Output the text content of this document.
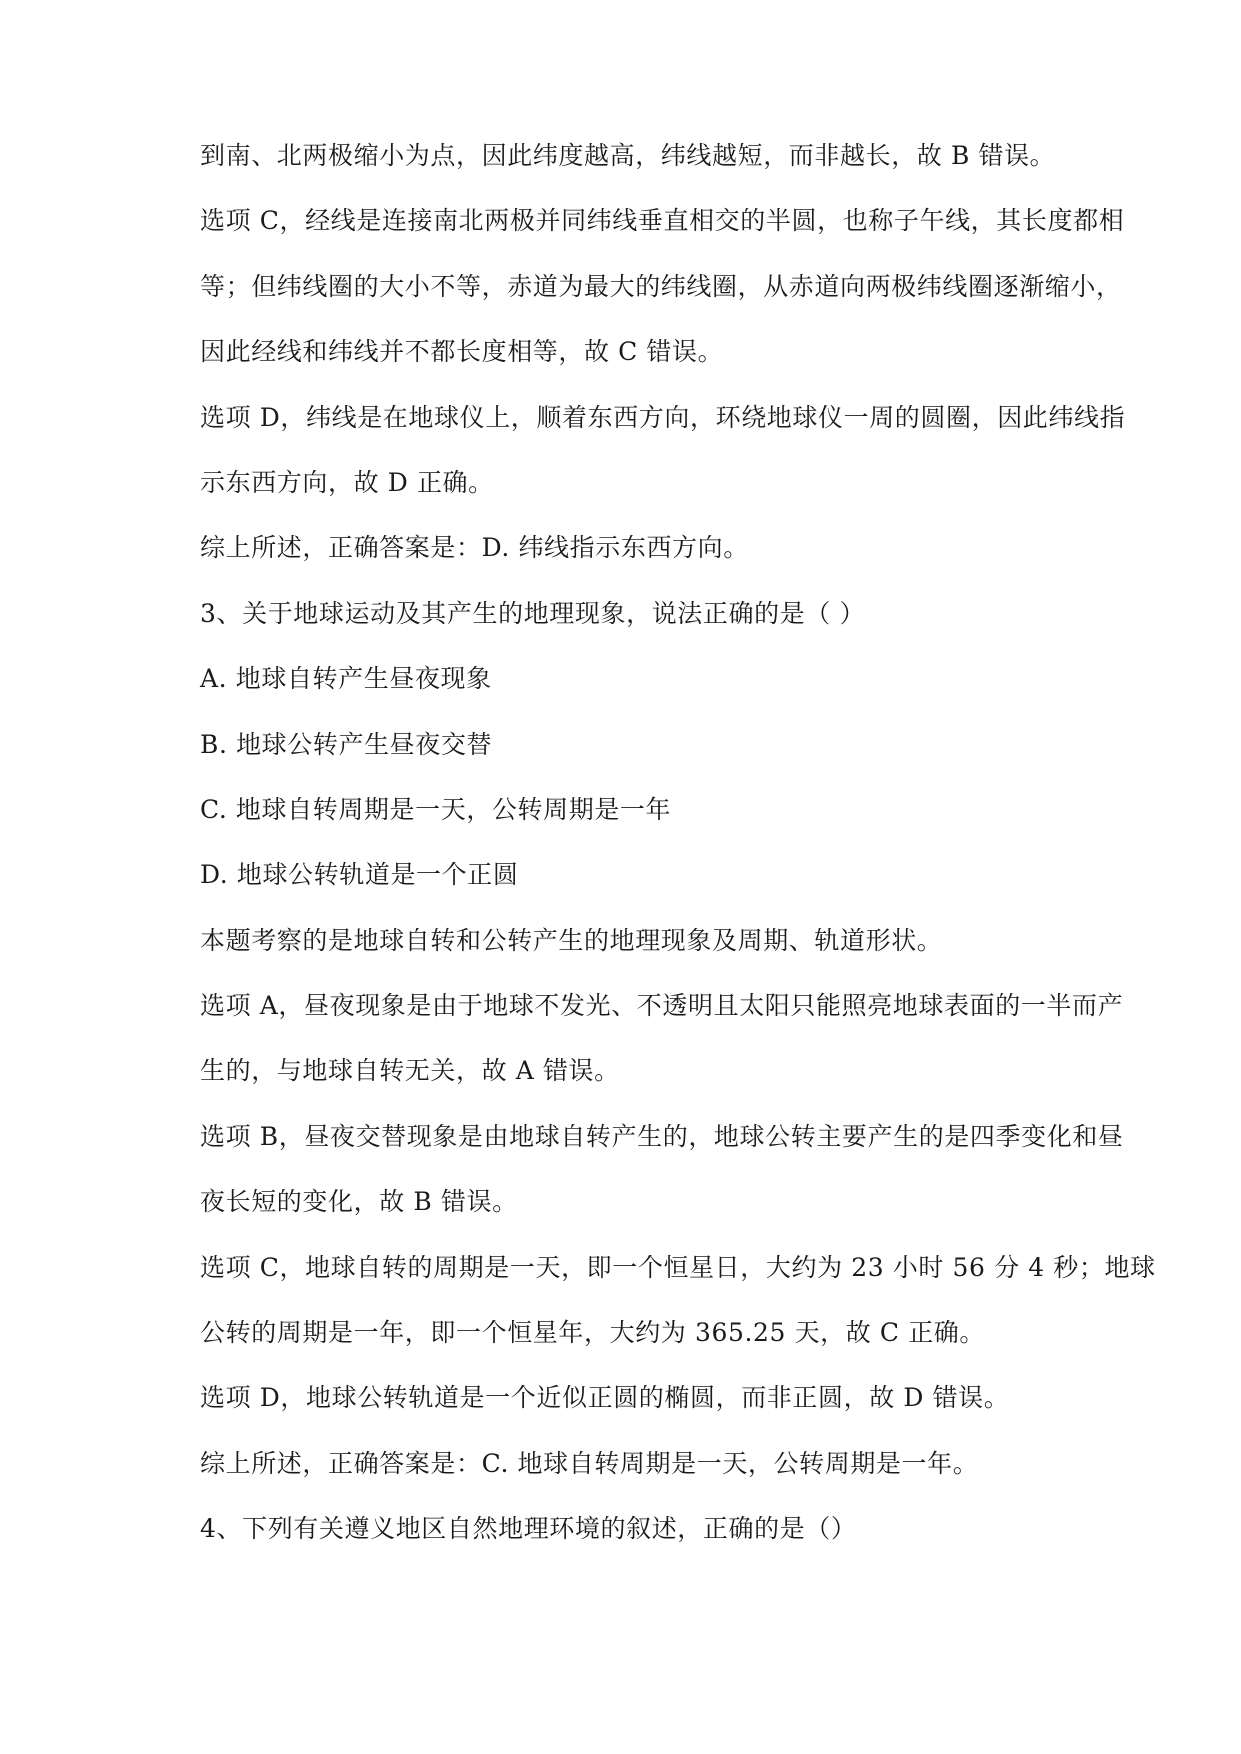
到南、北两极缩小为点，因此纬度越高，纬线越短，而非越长，故 B 错误。
选项 C，经线是连接南北两极并同纬线垂直相交的半圆，也称子午线，其长度都相
等；但纬线圈的大小不等，赤道为最大的纬线圈，从赤道向两极纬线圈逐渐缩小，
因此经线和纬线并不都长度相等，故 C 错误。
选项 D，纬线是在地球仪上，顺着东西方向，环绕地球仪一周的圆圈，因此纬线指
示东西方向，故 D 正确。
综上所述，正确答案是：D. 纬线指示东西方向。
3、关于地球运动及其产生的地理现象，说法正确的是（ ）
A. 地球自转产生昼夜现象
B. 地球公转产生昼夜交替
C. 地球自转周期是一天，公转周期是一年
D. 地球公转轨道是一个正圆
本题考察的是地球自转和公转产生的地理现象及周期、轨道形状。
选项 A，昼夜现象是由于地球不发光、不透明且太阳只能照亮地球表面的一半而产
生的，与地球自转无关，故 A 错误。
选项 B，昼夜交替现象是由地球自转产生的，地球公转主要产生的是四季变化和昼
夜长短的变化，故 B 错误。
选项 C，地球自转的周期是一天，即一个恒星日，大约为 23 小时 56 分 4 秒；地球
公转的周期是一年，即一个恒星年，大约为 365.25 天，故 C 正确。
选项 D，地球公转轨道是一个近似正圆的椭圆，而非正圆，故 D 错误。
综上所述，正确答案是：C. 地球自转周期是一天，公转周期是一年。
4、下列有关遵义地区自然地理环境的叙述，正确的是（）
